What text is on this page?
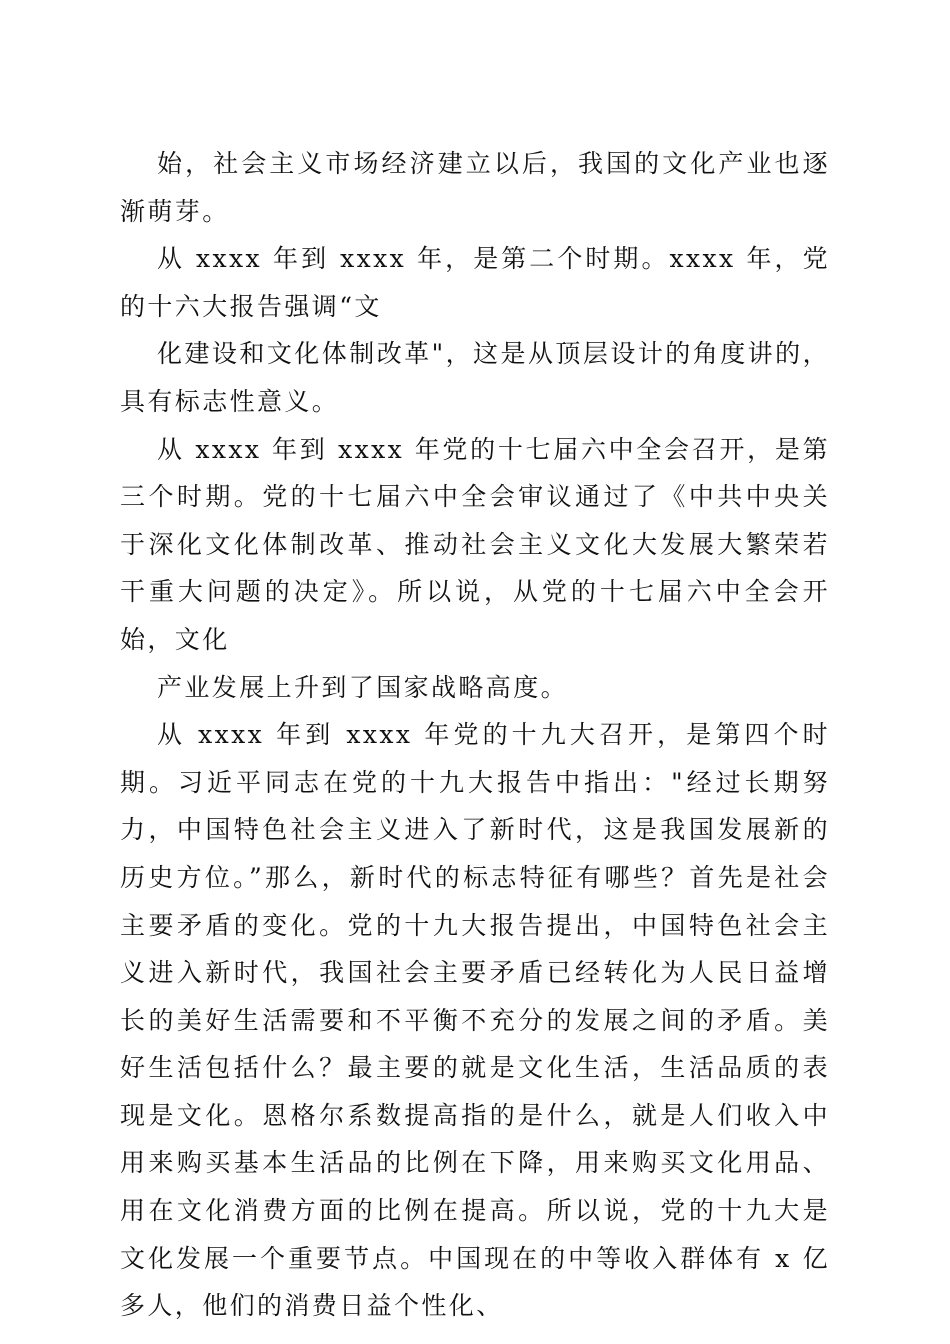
始，社会主义市场经济建立以后，我国的文化产业也逐渐萌芽。

从 xxxx 年到 xxxx 年，是第二个时期。xxxx 年，党的十六大报告强调“文

化建设和文化体制改革"，这是从顶层设计的角度讲的，具有标志性意义。

从 xxxx 年到 xxxx 年党的十七届六中全会召开，是第三个时期。党的十七届六中全会审议通过了《中共中央关于深化文化体制改革、推动社会主义文化大发展大繁荣若干重大问题的决定》。所以说，从党的十七届六中全会开始，文化

产业发展上升到了国家战略高度。

从 xxxx 年到 xxxx 年党的十九大召开，是第四个时期。习近平同志在党的十九大报告中指出："经过长期努力，中国特色社会主义进入了新时代，这是我国发展新的历史方位。”那么，新时代的标志特征有哪些？首先是社会主要矛盾的变化。党的十九大报告提出，中国特色社会主义进入新时代，我国社会主要矛盾已经转化为人民日益增长的美好生活需要和不平衡不充分的发展之间的矛盾。美好生活包括什么？最主要的就是文化生活，生活品质的表现是文化。恩格尔系数提高指的是什么，就是人们收入中用来购买基本生活品的比例在下降，用来购买文化用品、用在文化消费方面的比例在提高。所以说，党的十九大是文化发展一个重要节点。中国现在的中等收入群体有 x 亿多人，他们的消费日益个性化、
